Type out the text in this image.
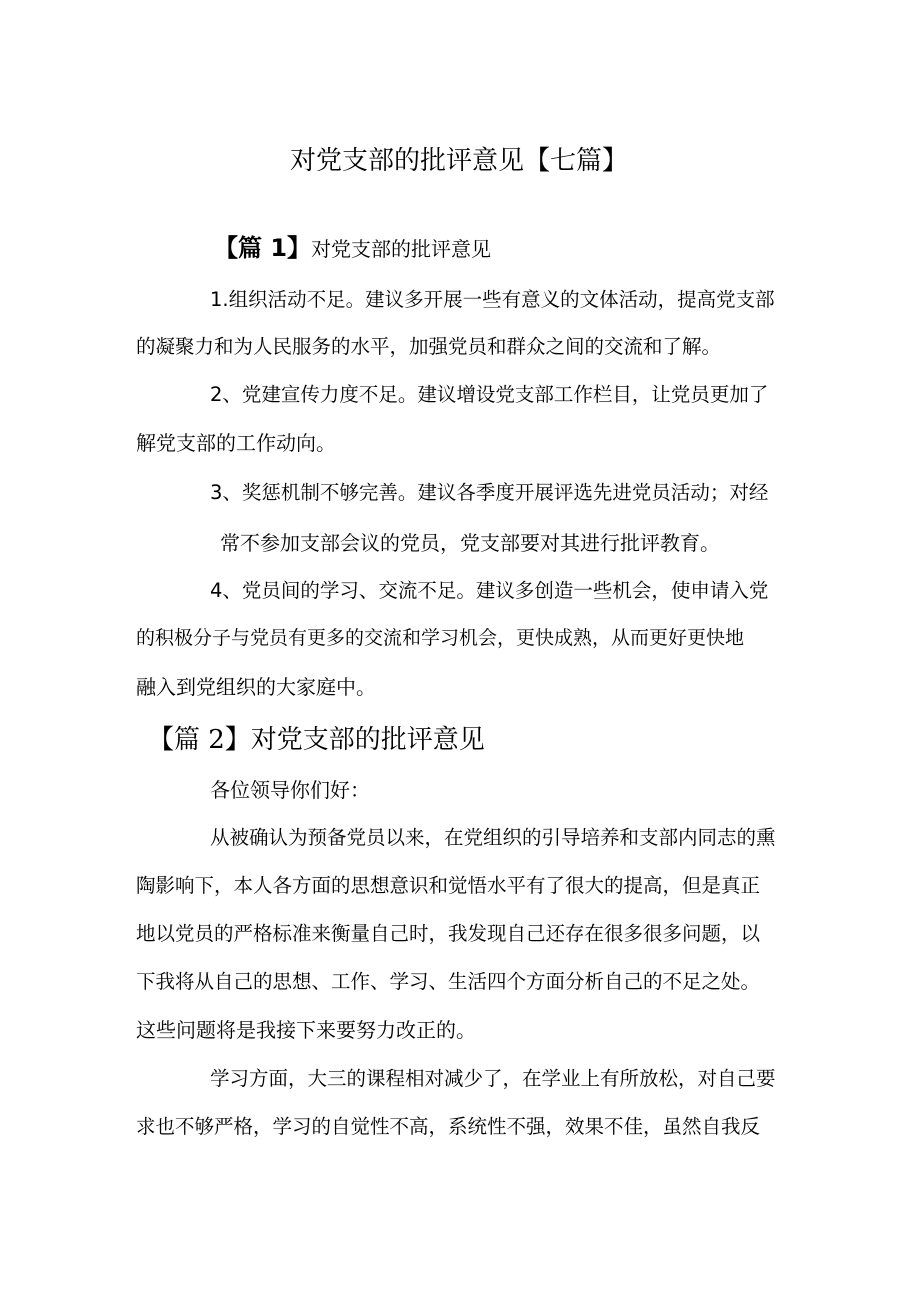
对党支部的批评意见【七篇】
【篇 1】对党支部的批评意见
1.组织活动不足。建议多开展一些有意义的文体活动，提高党支部
的凝聚力和为人民服务的水平，加强党员和群众之间的交流和了解。
2、党建宣传力度不足。建议增设党支部工作栏目，让党员更加了
解党支部的工作动向。
3、奖惩机制不够完善。建议各季度开展评选先进党员活动；对经
常不参加支部会议的党员，党支部要对其进行批评教育。
4、党员间的学习、交流不足。建议多创造一些机会，使申请入党
的积极分子与党员有更多的交流和学习机会，更快成熟，从而更好更快地
融入到党组织的大家庭中。
【篇 2】对党支部的批评意见
各位领导你们好：
从被确认为预备党员以来，在党组织的引导培养和支部内同志的熏
陶影响下，本人各方面的思想意识和觉悟水平有了很大的提高，但是真正
地以党员的严格标准来衡量自己时，我发现自己还存在很多很多问题，以
下我将从自己的思想、工作、学习、生活四个方面分析自己的不足之处。
这些问题将是我接下来要努力改正的。
学习方面，大三的课程相对减少了，在学业上有所放松，对自己要
求也不够严格，学习的自觉性不高，系统性不强，效果不佳，虽然自我反
